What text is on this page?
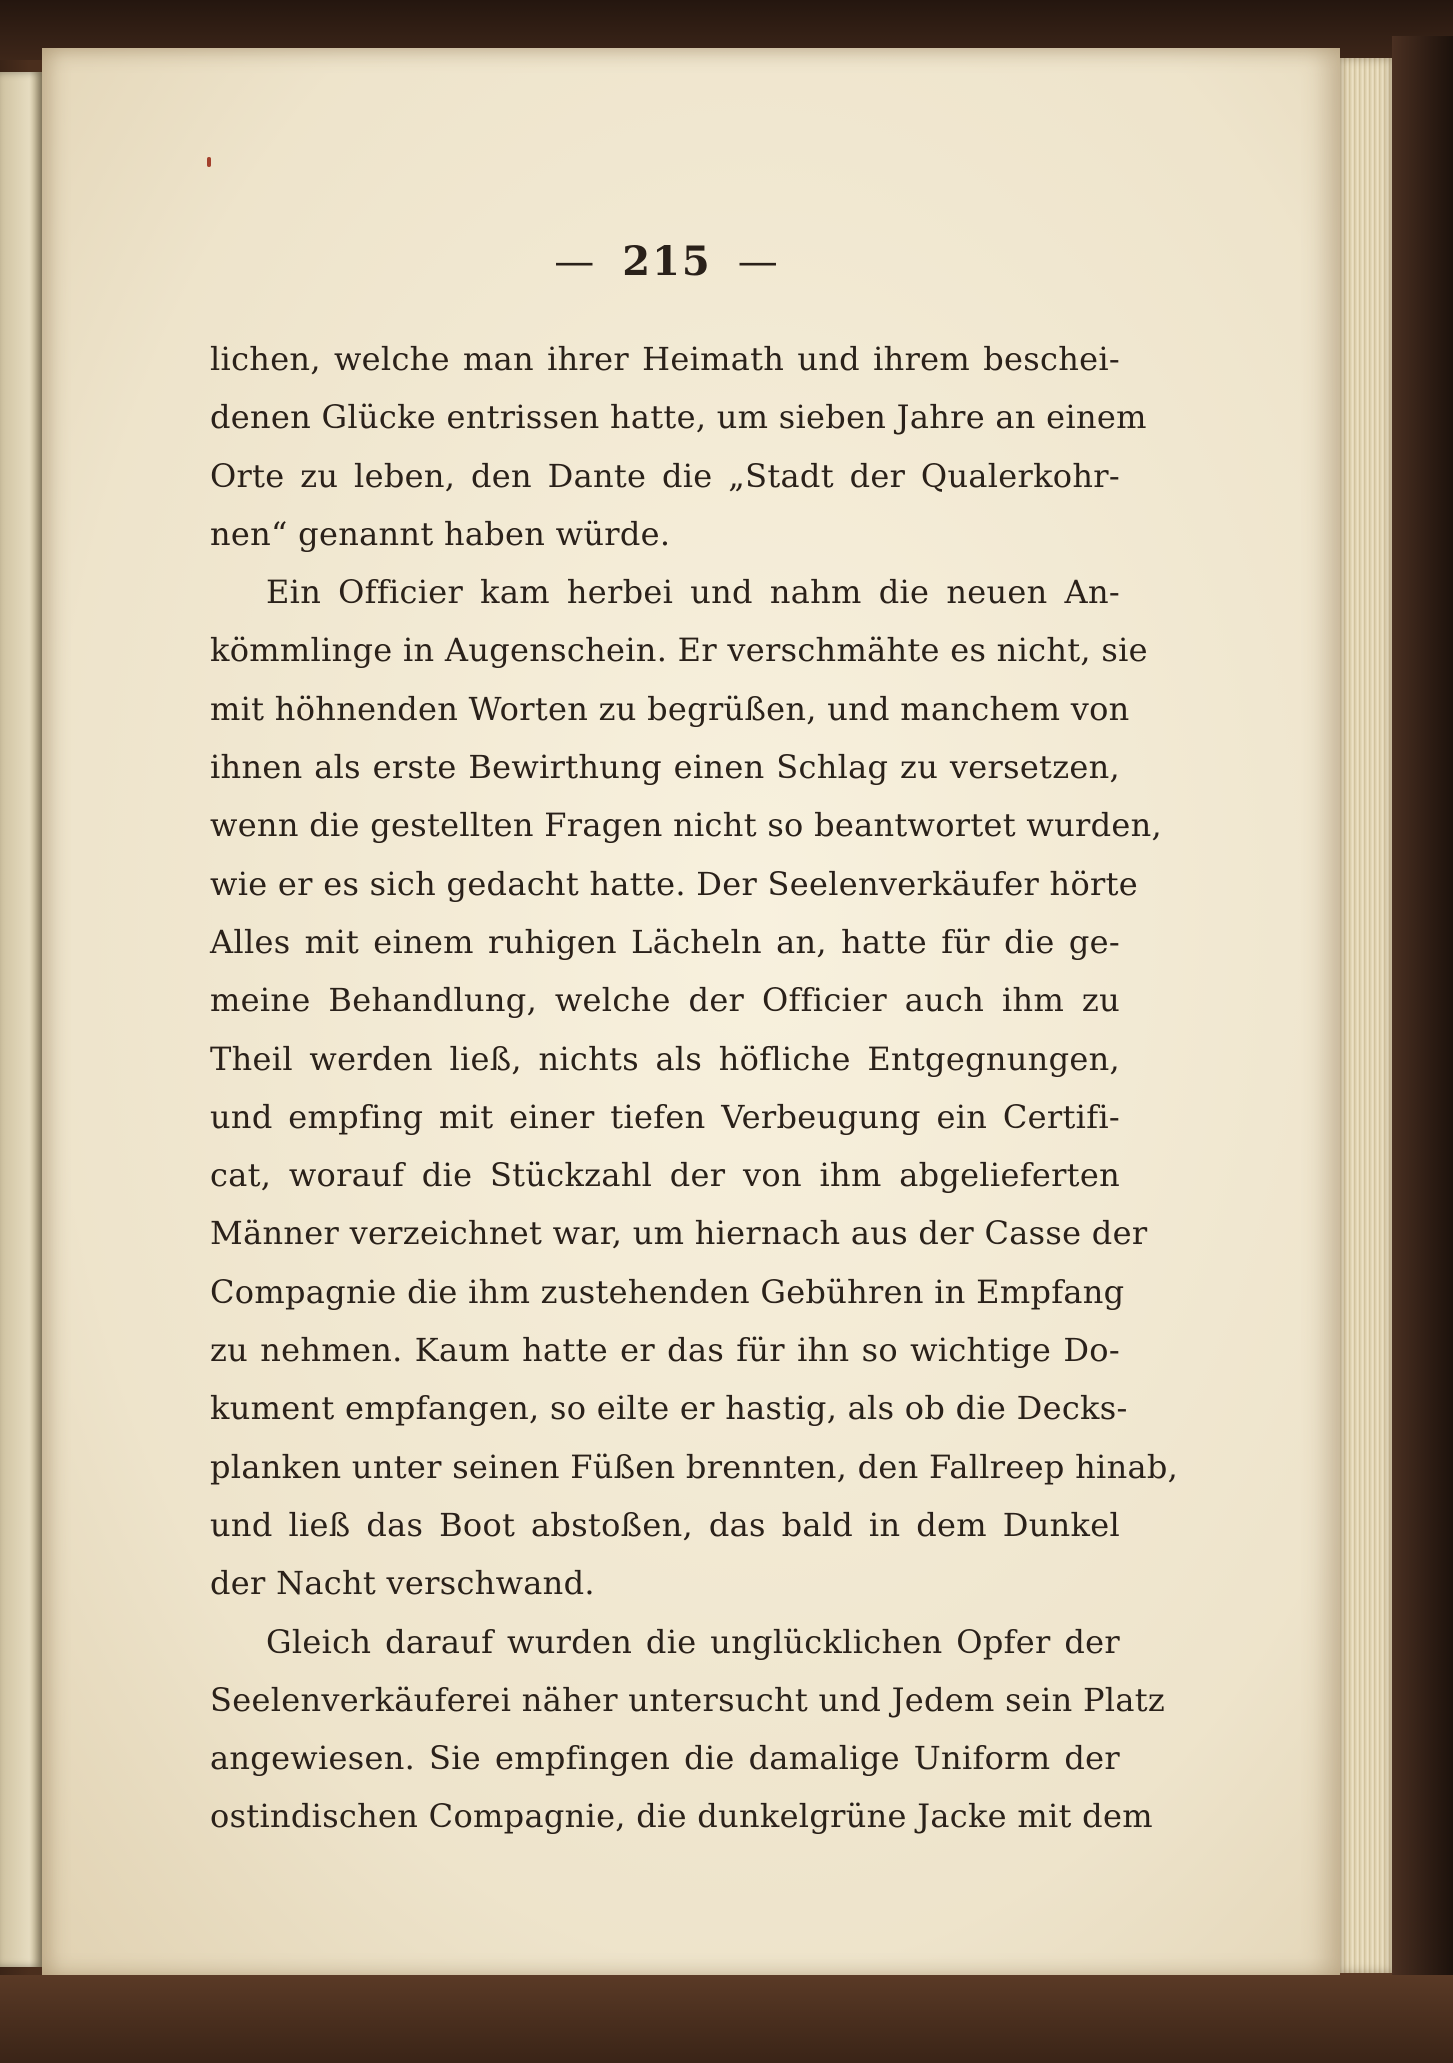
— 215 —
lichen, welche man ihrer Heimath und ihrem beschei-
denen Glücke entrissen hatte, um sieben Jahre an einem
Orte zu leben, den Dante die „Stadt der Qualerkohr-
nen“ genannt haben würde.
Ein Officier kam herbei und nahm die neuen An-
kömmlinge in Augenschein. Er verschmähte es nicht, sie
mit höhnenden Worten zu begrüßen, und manchem von
ihnen als erste Bewirthung einen Schlag zu versetzen,
wenn die gestellten Fragen nicht so beantwortet wurden,
wie er es sich gedacht hatte. Der Seelenverkäufer hörte
Alles mit einem ruhigen Lächeln an, hatte für die ge-
meine Behandlung, welche der Officier auch ihm zu
Theil werden ließ, nichts als höfliche Entgegnungen,
und empfing mit einer tiefen Verbeugung ein Certifi-
cat, worauf die Stückzahl der von ihm abgelieferten
Männer verzeichnet war, um hiernach aus der Casse der
Compagnie die ihm zustehenden Gebühren in Empfang
zu nehmen. Kaum hatte er das für ihn so wichtige Do-
kument empfangen, so eilte er hastig, als ob die Decks-
planken unter seinen Füßen brennten, den Fallreep hinab,
und ließ das Boot abstoßen, das bald in dem Dunkel
der Nacht verschwand.
Gleich darauf wurden die unglücklichen Opfer der
Seelenverkäuferei näher untersucht und Jedem sein Platz
angewiesen. Sie empfingen die damalige Uniform der
ostindischen Compagnie, die dunkelgrüne Jacke mit dem
